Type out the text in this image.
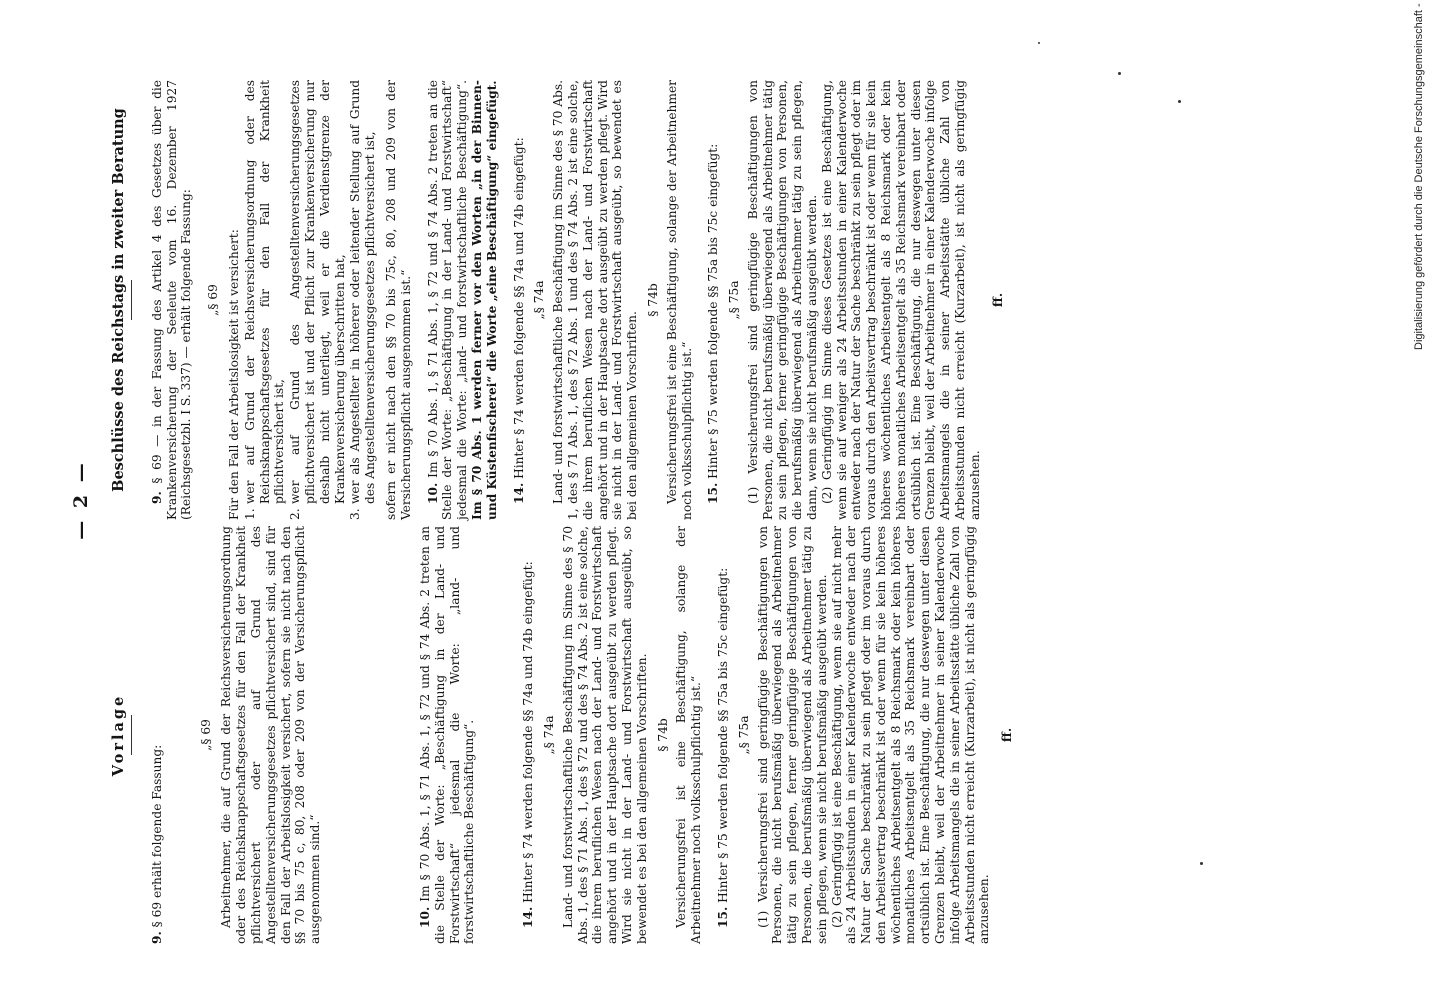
— 2 —
Vorlage

9. § 69 erhält folgende Fassung:

„§ 69 Arbeitnehmer, die auf Grund der Reichsversicherungsordnung oder des Reichsknappschaftsgesetzes für den Fall der Krankheit pflichtversichert oder auf Grund des Angestelltenversicherungsgesetzes pflichtversichert sind, sind für den Fall der Arbeitslosigkeit versichert, sofern sie nicht nach den §§ 70 bis 75 c, 80, 208 oder 209 von der Versicherungspflicht ausgenommen sind.“	10. Im § 70 Abs. 1, § 71 Abs. 1, § 72 und § 74 Abs. 2 treten an die Stelle der Worte: „Beschäftigung in der Land- und Forstwirtschaft“ jedesmal die Worte: „land- und forstwirtschaftliche Beschäftigung“.	14. Hinter § 74 werden folgende §§ 74a und 74b eingefügt: „§ 74a Land- und forstwirtschaftliche Beschäftigung im Sinne des § 70 Abs. 1, des § 71 Abs. 1, des § 72 und des § 74 Abs. 2 ist eine solche, die ihrem beruflichen Wesen nach der Land- und Forstwirtschaft angehört und in der Hauptsache dort ausgeübt zu werden pflegt. Wird sie nicht in der Land- und Forstwirtschaft ausgeübt, so bewendet es bei den allgemeinen Vorschriften. § 74b Versicherungsfrei ist eine Beschäftigung, solange der Arbeitnehmer noch volksschulpflichtig ist.“ 15. Hinter § 75 werden folgende §§ 75a bis 75c eingefügt: „§ 75a (1) Versicherungsfrei sind geringfügige Beschäftigungen von Personen, die nicht berufsmäßig überwiegend als Arbeitnehmer tätig zu sein pflegen, ferner geringfügige Beschäftigungen von Personen, die berufsmäßig überwiegend als Arbeitnehmer tätig zu sein pflegen, wenn sie nicht berufsmäßig ausgeübt werden. (2) Geringfügig ist eine Beschäftigung, wenn sie auf nicht mehr als 24 Arbeitsstunden in einer Kalenderwoche entweder nach der Natur der Sache beschränkt zu sein pflegt oder im voraus durch den Arbeitsvertrag beschränkt ist oder wenn für sie kein höheres wöchentliches Arbeitsentgelt als 8 Reichsmark oder kein höheres monatliches Arbeitsentgelt als 35 Reichsmark vereinbart oder ortsüblich ist. Eine Beschäftigung, die nur deswegen unter diesen Grenzen bleibt, weil der Arbeitnehmer in seiner Kalenderwoche infolge Arbeitsmangels die in seiner Arbeitsstätte übliche Zahl von Arbeitsstunden nicht erreicht (Kurzarbeit), ist nicht als geringfügig anzusehen.

ff.
Beschlüsse des Reichstags in zweiter Beratung

9. § 69 — in der Fassung des Artikel 4 des Gesetzes über die Krankenversicherung der Seeleute vom 16. Dezember 1927 (Reichsgesetzbl. I S. 337) — erhält folgende Fassung: „§ 69 Für den Fall der Arbeitslosigkeit ist versichert: 1.
wer auf Grund der Reichsversicherungsordnung oder des Reichsknappschaftsgesetzes für den Fall der Krankheit pflichtversichert ist,
2.
wer auf Grund des Angestelltenversicherungsgesetzes pflichtversichert ist und der Pflicht zur Krankenversicherung nur deshalb nicht unterliegt, weil er die Verdienstgrenze der Krankenversicherung überschritten hat,
3.
wer als Angestellter in höherer oder leitender Stellung auf Grund des Angestelltenversicherungsgesetzes pflichtversichert ist, sofern er nicht nach den §§ 70 bis 75c, 80, 208 und 209 von der Versicherungspflicht ausgenommen ist.“ 10. Im § 70 Abs. 1, § 71 Abs. 1, § 72 und § 74 Abs. 2 treten an die Stelle der Worte: „Beschäftigung in der Land- und Forstwirtschaft“ jedesmal die Worte: „land- und forstwirtschaftliche Beschäftigung“. Im § 70 Abs. 1 werden ferner vor den Worten „in der Binnen- und Küstenfischerei“ die Worte „eine Beschäftigung“ eingefügt. 14. Hinter § 74 werden folgende §§ 74a und 74b eingefügt: „§ 74a Land- und forstwirtschaftliche Beschäftigung im Sinne des § 70 Abs. 1, des § 71 Abs. 1, des § 72 Abs. 1 und des § 74 Abs. 2 ist eine solche, die ihrem beruflichen Wesen nach der Land- und Forstwirtschaft angehört und in der Hauptsache dort ausgeübt zu werden pflegt. Wird sie nicht in der Land- und Forstwirtschaft ausgeübt, so bewendet es bei den allgemeinen Vorschriften.

§ 74b Versicherungsfrei ist eine Beschäftigung, solange der Arbeitnehmer noch volksschulpflichtig ist.“ 15. Hinter § 75 werden folgende §§ 75a bis 75c eingefügt: „§ 75a (1) Versicherungsfrei sind geringfügige Beschäftigungen von Personen, die nicht berufsmäßig überwiegend als Arbeitnehmer tätig zu sein pflegen, ferner geringfügige Beschäftigungen von Personen, die berufsmäßig überwiegend als Arbeitnehmer tätig zu sein pflegen, dann, wenn sie nicht berufsmäßig ausgeübt werden. (2) Geringfügig im Sinne dieses Gesetzes ist eine Beschäftigung, wenn sie auf weniger als 24 Arbeitsstunden in einer Kalenderwoche entweder nach der Natur der Sache beschränkt zu sein pflegt oder im voraus durch den Arbeitsvertrag beschränkt ist oder wenn für sie kein höheres wöchentliches Arbeitsentgelt als 8 Reichsmark oder kein höheres monatliches Arbeitsentgelt als 35 Reichsmark vereinbart oder ortsüblich ist. Eine Beschäftigung, die nur deswegen unter diesen Grenzen bleibt, weil der Arbeitnehmer in einer Kalenderwoche infolge Arbeitsmangels die in seiner Arbeitsstätte übliche Zahl von Arbeitsstunden nicht erreicht (Kurzarbeit), ist nicht als geringfügig anzusehen.

ff.	Digitalisierung gefördert durch die Deutsche Forschungsgemeinschaft -
